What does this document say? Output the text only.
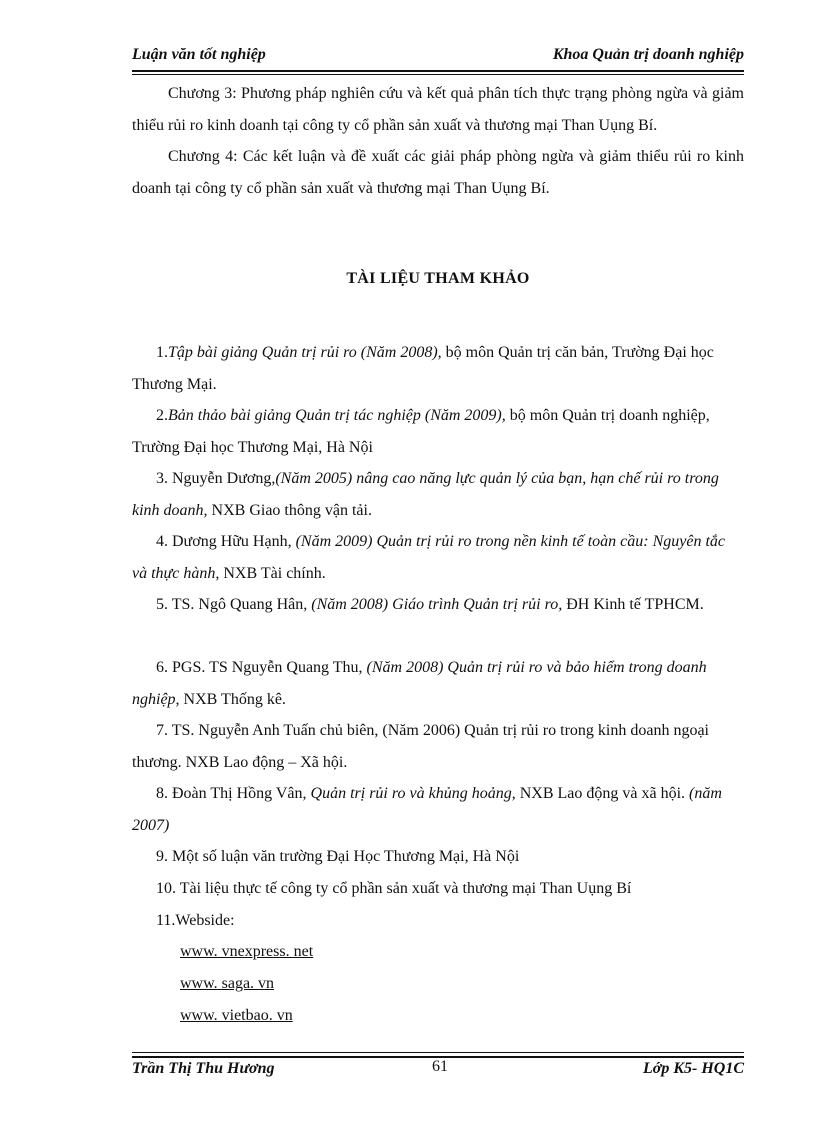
Luận văn tốt nghiệp	Khoa Quản trị doanh nghiệp
Chương 3: Phương pháp nghiên cứu và kết quả phân tích thực trạng phòng ngừa và giảm thiểu rủi ro kinh doanh tại công ty cổ phần sản xuất và thương mại Than Uụng Bí.
Chương 4: Các kết luận và đề xuất các giải pháp phòng ngừa và giảm thiểu rủi ro kinh doanh tại công ty cổ phần sản xuất và thương mại Than Uụng Bí.
TÀI LIỆU THAM KHẢO
1.Tập bài giảng Quản trị rủi ro (Năm 2008), bộ môn Quản trị căn bản, Trường Đại học Thương Mại.
2.Bản thảo bài giảng Quản trị tác nghiệp (Năm 2009), bộ môn Quản trị doanh nghiệp, Trường Đại học Thương Mại, Hà Nội
3. Nguyễn Dương,(Năm 2005) nâng cao năng lực quản lý của bạn, hạn chế rủi ro trong kinh doanh, NXB Giao thông vận tải.
4. Dương Hữu Hạnh, (Năm 2009) Quản trị rủi ro trong nền kinh tế toàn cầu: Nguyên tắc và thực hành, NXB Tài chính.
5. TS. Ngô Quang Hân, (Năm 2008) Giáo trình Quản trị rủi ro, ĐH Kinh tế TPHCM.
6. PGS. TS Nguyễn Quang Thu, (Năm 2008) Quản trị rủi ro và bảo hiểm trong doanh nghiệp, NXB Thống kê.
7. TS. Nguyễn Anh Tuấn chủ biên, (Năm 2006) Quản trị rủi ro trong kinh doanh ngoại thương. NXB Lao động – Xã hội.
8. Đoàn Thị Hồng Vân, Quản trị rủi ro và khủng hoảng, NXB Lao động và xã hội. (năm 2007)
9. Một số luận văn trường Đại Học Thương Mại, Hà Nội
10. Tài liệu thực tế công ty cổ phần sản xuất và thương mại Than Uụng Bí
11.Webside:
www. vnexpress. net
www. saga. vn
www. vietbao. vn
Trần Thị Thu Hương	61	Lớp K5- HQ1C
